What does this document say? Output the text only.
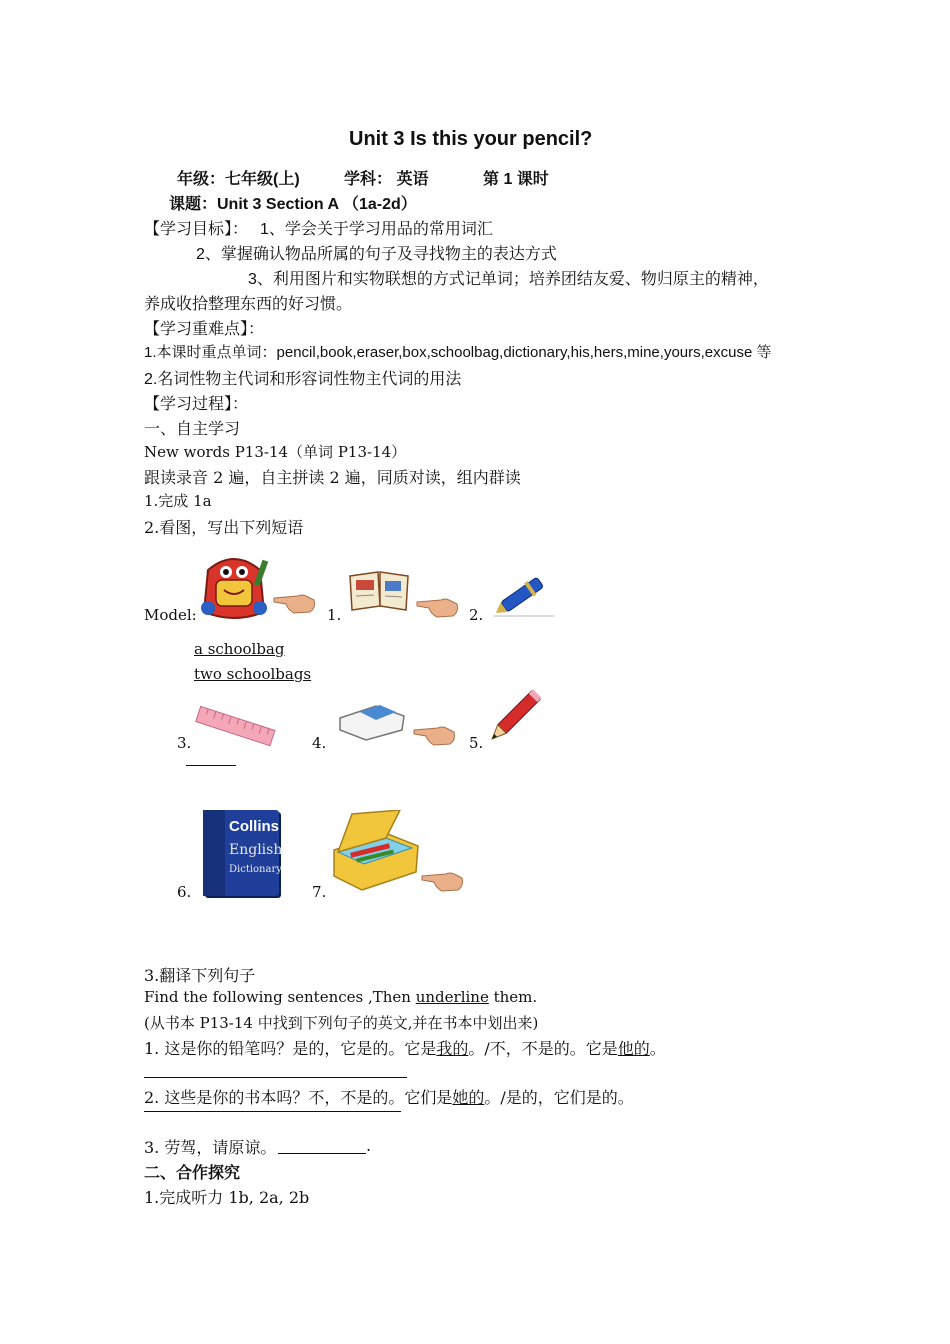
Unit 3 Is this your pencil?
年级：七年级(上)	学科： 英语	第 1 课时
课题：Unit 3 Section A （1a-2d）
【学习目标】： 1、学会关于学习用品的常用词汇
2、掌握确认物品所属的句子及寻找物主的表达方式
3、利用图片和实物联想的方式记单词；培养团结友爱、物归原主的精神，
养成收拾整理东西的好习惯。
【学习重难点】：
1.本课时重点单词：pencil,book,eraser,box,schoolbag,dictionary,his,hers,mine,yours,excuse 等
2.名词性物主代词和形容词性物主代词的用法
【学习过程】：
一、自主学习
New words P13-14（单词 P13-14）
跟读录音 2 遍，自主拼读 2 遍，同质对读，组内群读
1.完成 1a
2.看图，写出下列短语
Model:	1.	2.
a schoolbag
two schoolbags
3.	4.	5.
6.
Collins
English
Dictionary
7.
3.翻译下列句子
Find the following sentences ,Then underline them.
(从书本 P13-14 中找到下列句子的英文,并在书本中划出来)
1. 这是你的铅笔吗？是的，它是的。它是我的。/不，不是的。它是他的。
2. 这些是你的书本吗？不，不是的。它们是她的。/是的，它们是的。
3. 劳驾，请原谅。	.
二、合作探究
1.完成听力 1b, 2a, 2b
